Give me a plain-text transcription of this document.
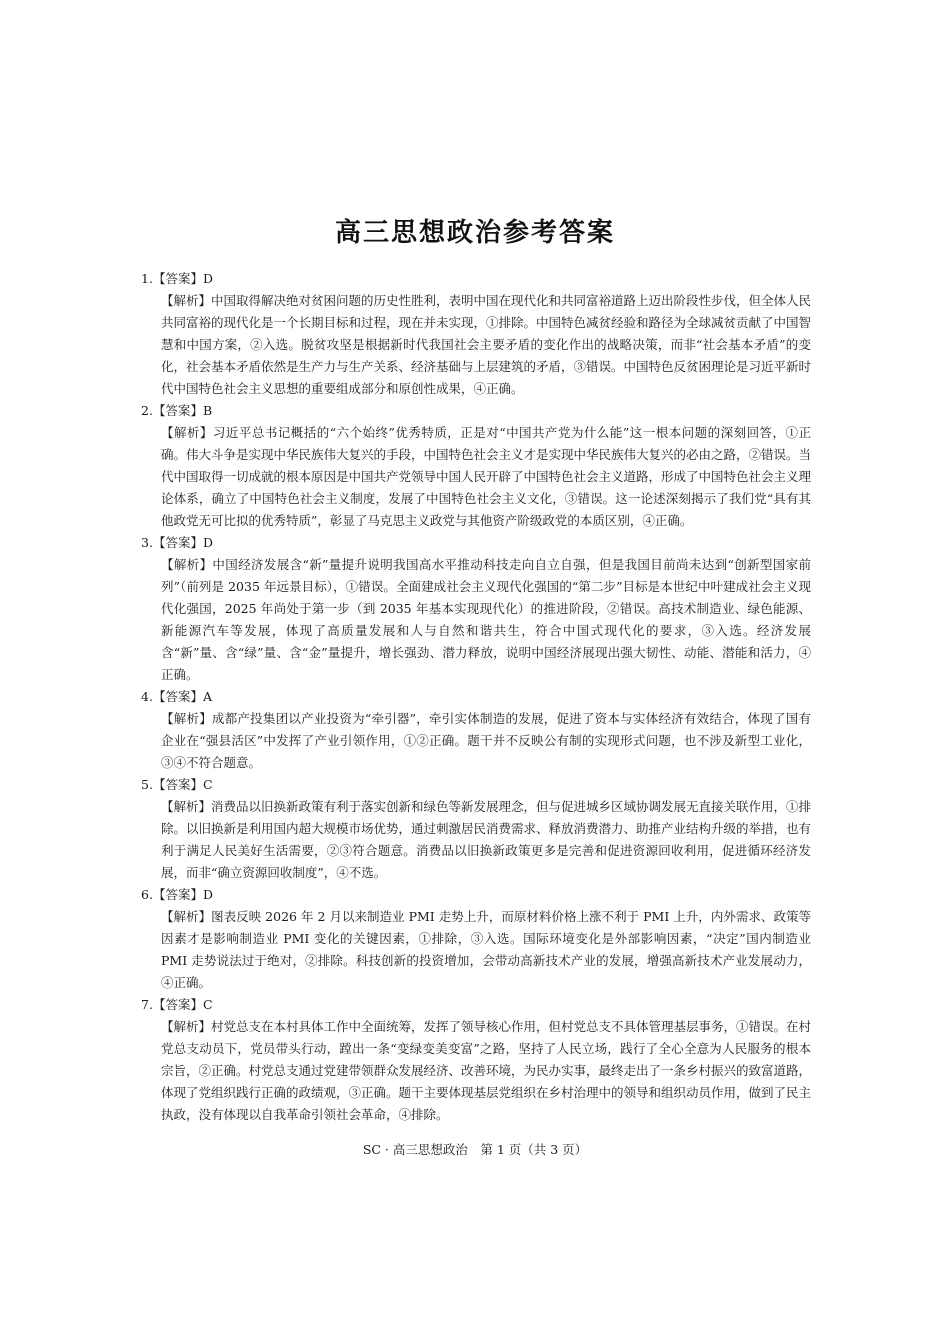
高三思想政治参考答案
1.【答案】D

【解析】中国取得解决绝对贫困问题的历史性胜利，表明中国在现代化和共同富裕道路上迈出阶段性步伐，但全体人民共同富裕的现代化是一个长期目标和过程，现在并未实现，①排除。中国特色减贫经验和路径为全球减贫贡献了中国智慧和中国方案，②入选。脱贫攻坚是根据新时代我国社会主要矛盾的变化作出的战略决策，而非“社会基本矛盾”的变化，社会基本矛盾依然是生产力与生产关系、经济基础与上层建筑的矛盾，③错误。中国特色反贫困理论是习近平新时代中国特色社会主义思想的重要组成部分和原创性成果，④正确。

2.【答案】B

【解析】习近平总书记概括的“六个始终”优秀特质，正是对“中国共产党为什么能”这一根本问题的深刻回答，①正确。伟大斗争是实现中华民族伟大复兴的手段，中国特色社会主义才是实现中华民族伟大复兴的必由之路，②错误。当代中国取得一切成就的根本原因是中国共产党领导中国人民开辟了中国特色社会主义道路，形成了中国特色社会主义理论体系，确立了中国特色社会主义制度，发展了中国特色社会主义文化，③错误。这一论述深刻揭示了我们党“具有其他政党无可比拟的优秀特质”，彰显了马克思主义政党与其他资产阶级政党的本质区别，④正确。

3.【答案】D

【解析】中国经济发展含“新”量提升说明我国高水平推动科技走向自立自强，但是我国目前尚未达到“创新型国家前列”（前列是 2035 年远景目标），①错误。全面建成社会主义现代化强国的“第二步”目标是本世纪中叶建成社会主义现代化强国，2025 年尚处于第一步（到 2035 年基本实现现代化）的推进阶段，②错误。高技术制造业、绿色能源、新能源汽车等发展，体现了高质量发展和人与自然和谐共生，符合中国式现代化的要求，③入选。经济发展含“新”量、含“绿”量、含“金”量提升，增长强劲、潜力释放，说明中国经济展现出强大韧性、动能、潜能和活力，④正确。

4.【答案】A

【解析】成都产投集团以产业投资为“牵引器”，牵引实体制造的发展，促进了资本与实体经济有效结合，体现了国有企业在“强县活区”中发挥了产业引领作用，①②正确。题干并不反映公有制的实现形式问题，也不涉及新型工业化，③④不符合题意。

5.【答案】C

【解析】消费品以旧换新政策有利于落实创新和绿色等新发展理念，但与促进城乡区域协调发展无直接关联作用，①排除。以旧换新是利用国内超大规模市场优势，通过刺激居民消费需求、释放消费潜力、助推产业结构升级的举措，也有利于满足人民美好生活需要，②③符合题意。消费品以旧换新政策更多是完善和促进资源回收利用，促进循环经济发展，而非“确立资源回收制度”，④不选。

6.【答案】D

【解析】图表反映 2026 年 2 月以来制造业 PMI 走势上升，而原材料价格上涨不利于 PMI 上升，内外需求、政策等因素才是影响制造业 PMI 变化的关键因素，①排除，③入选。国际环境变化是外部影响因素，“决定”国内制造业 PMI 走势说法过于绝对，②排除。科技创新的投资增加，会带动高新技术产业的发展，增强高新技术产业发展动力，④正确。

7.【答案】C

【解析】村党总支在本村具体工作中全面统筹，发挥了领导核心作用，但村党总支不具体管理基层事务，①错误。在村党总支动员下，党员带头行动，蹚出一条“变绿变美变富”之路，坚持了人民立场，践行了全心全意为人民服务的根本宗旨，②正确。村党总支通过党建带领群众发展经济、改善环境，为民办实事，最终走出了一条乡村振兴的致富道路，体现了党组织践行正确的政绩观，③正确。题干主要体现基层党组织在乡村治理中的领导和组织动员作用，做到了民主执政，没有体现以自我革命引领社会革命，④排除。

SC · 高三思想政治　第 1 页（共 3 页）
